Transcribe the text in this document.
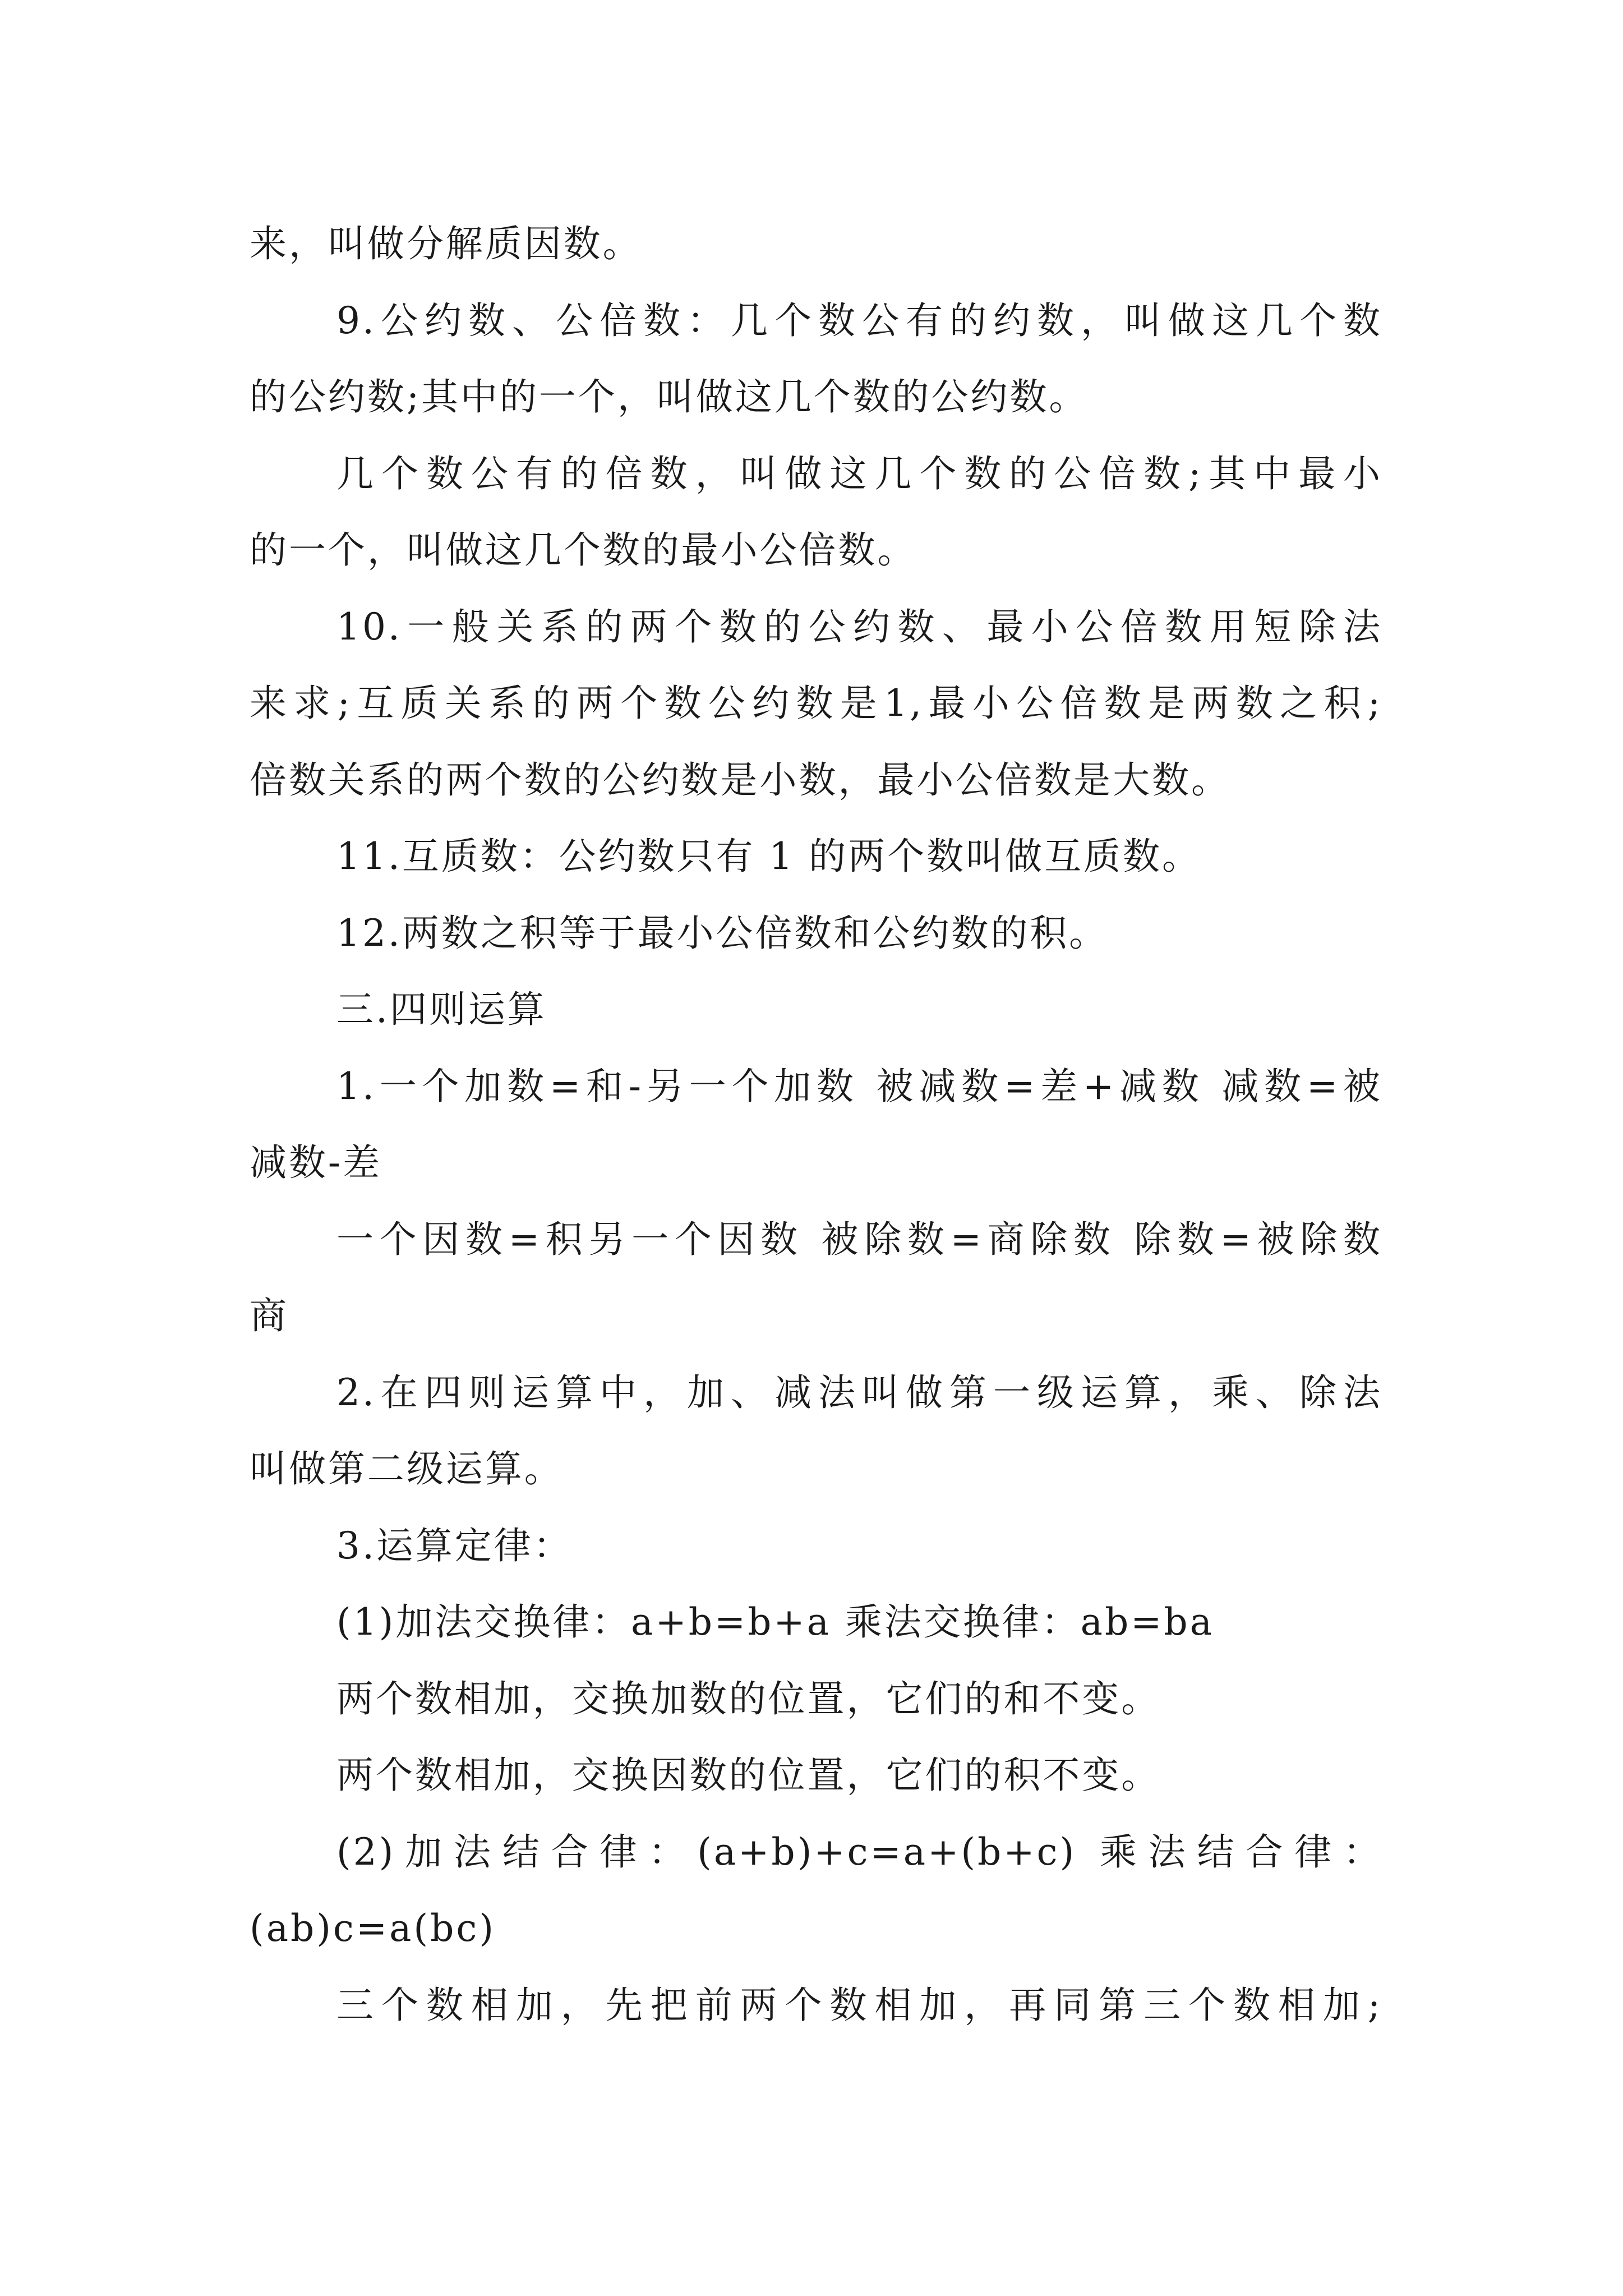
来，叫做分解质因数。
9.公约数、公倍数：几个数公有的约数，叫做这几个数
的公约数;其中的一个，叫做这几个数的公约数。
几个数公有的倍数，叫做这几个数的公倍数;其中最小
的一个，叫做这几个数的最小公倍数。
10.一般关系的两个数的公约数、最小公倍数用短除法
来求;互质关系的两个数公约数是1,最小公倍数是两数之积;
倍数关系的两个数的公约数是小数，最小公倍数是大数。
11.互质数：公约数只有 1 的两个数叫做互质数。
12.两数之积等于最小公倍数和公约数的积。
三.四则运算
1.一个加数=和-另一个加数 被减数=差+减数 减数=被
减数-差
一个因数=积另一个因数 被除数=商除数 除数=被除数
商
2.在四则运算中，加、减法叫做第一级运算，乘、除法
叫做第二级运算。
3.运算定律：
(1)加法交换律：a+b=b+a 乘法交换律：ab=ba
两个数相加，交换加数的位置，它们的和不变。
两个数相加，交换因数的位置，它们的积不变。
(2)加法结合律：(a+b)+c=a+(b+c) 乘法结合律：
(ab)c=a(bc)
三个数相加，先把前两个数相加，再同第三个数相加;
